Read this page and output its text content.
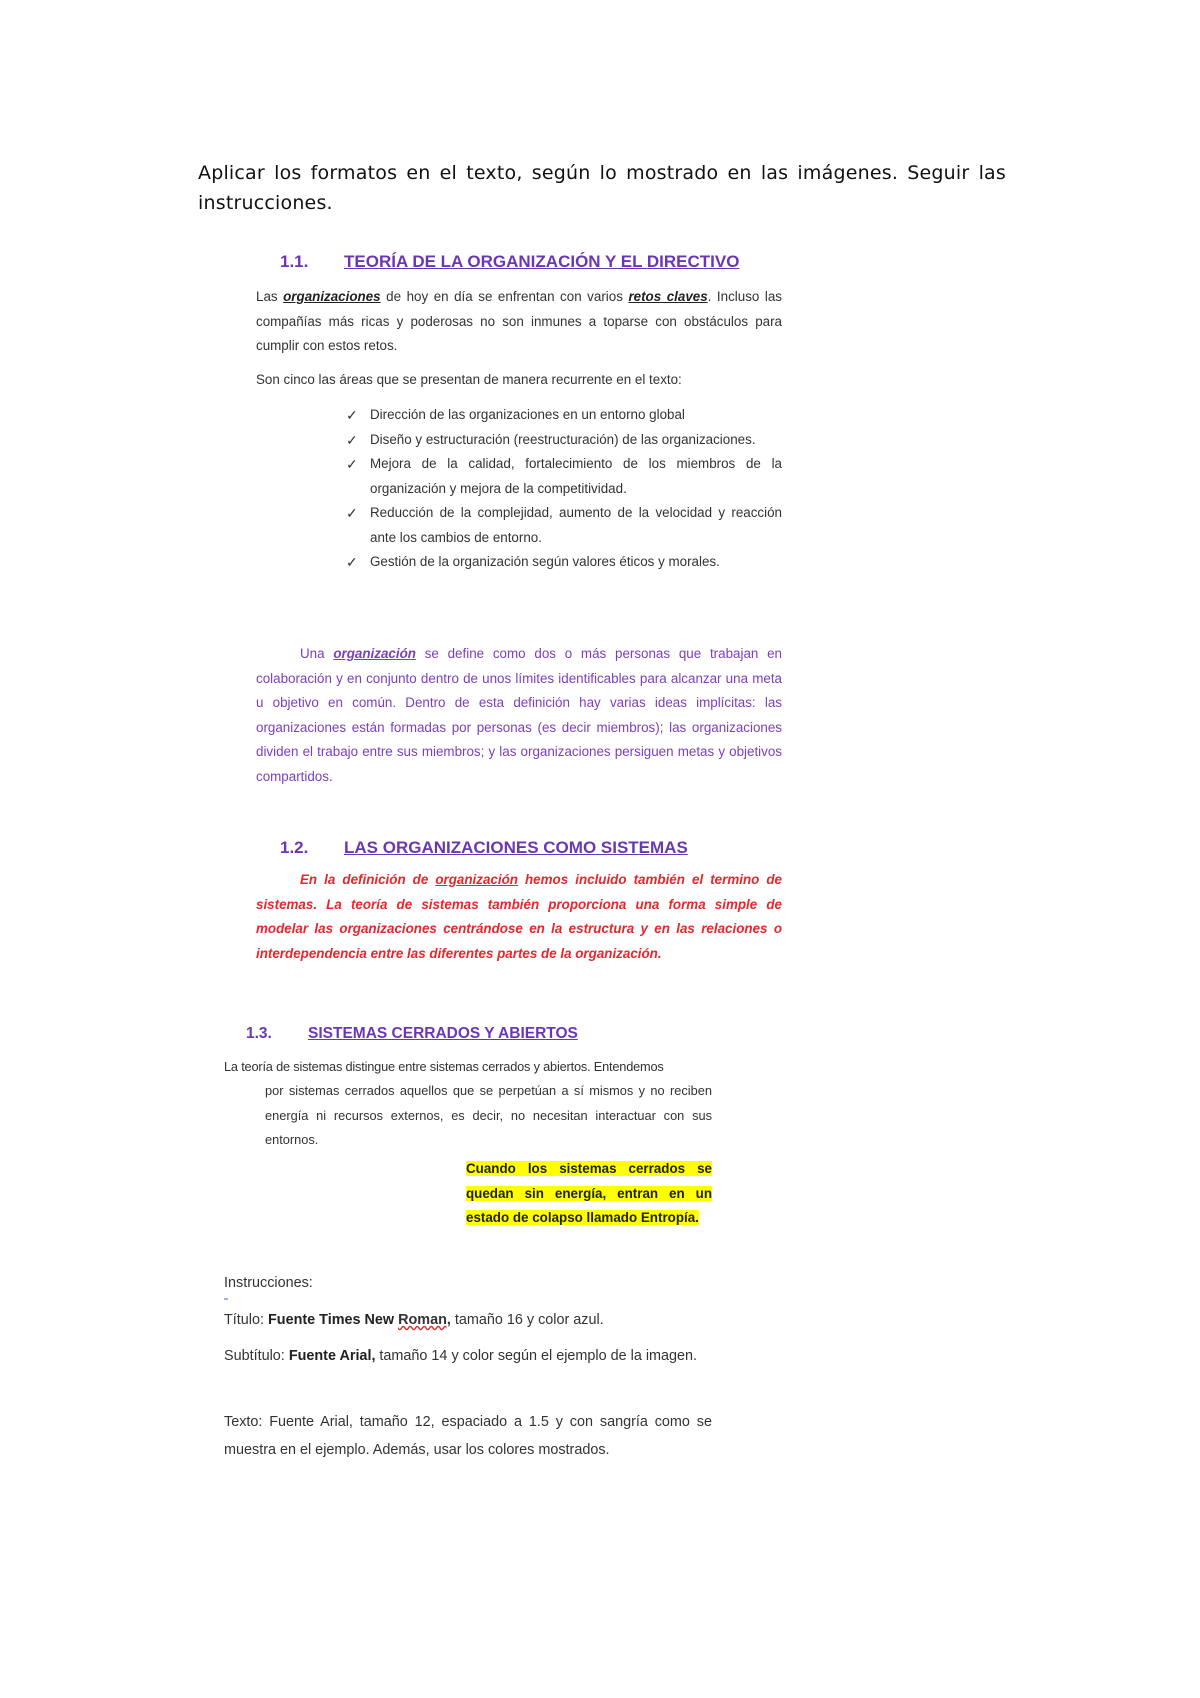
Aplicar los formatos en el texto, según lo mostrado en las imágenes. Seguir las instrucciones.
1.1. TEORÍA DE LA ORGANIZACIÓN Y EL DIRECTIVO
Las organizaciones de hoy en día se enfrentan con varios retos claves. Incluso las compañías más ricas y poderosas no son inmunes a toparse con obstáculos para cumplir con estos retos.
Son cinco las áreas que se presentan de manera recurrente en el texto:
✓ Dirección de las organizaciones en un entorno global
✓ Diseño y estructuración (reestructuración) de las organizaciones.
✓ Mejora de la calidad, fortalecimiento de los miembros de la organización y mejora de la competitividad.
✓ Reducción de la complejidad, aumento de la velocidad y reacción ante los cambios de entorno.
✓ Gestión de la organización según valores éticos y morales.
Una organización se define como dos o más personas que trabajan en colaboración y en conjunto dentro de unos límites identificables para alcanzar una meta u objetivo en común. Dentro de esta definición hay varias ideas implícitas: las organizaciones están formadas por personas (es decir miembros); las organizaciones dividen el trabajo entre sus miembros; y las organizaciones persiguen metas y objetivos compartidos.
1.2. LAS ORGANIZACIONES COMO SISTEMAS
En la definición de organización hemos incluido también el termino de sistemas. La teoría de sistemas también proporciona una forma simple de modelar las organizaciones centrándose en la estructura y en las relaciones o interdependencia entre las diferentes partes de la organización.
1.3. SISTEMAS CERRADOS Y ABIERTOS
La teoría de sistemas distingue entre sistemas cerrados y abiertos. Entendemos
por sistemas cerrados aquellos que se perpetúan a sí mismos y no reciben energía ni recursos externos, es decir, no necesitan interactuar con sus entornos.
Cuando los sistemas cerrados se quedan sin energía, entran en un estado de colapso llamado Entropía.
Instrucciones:
Título: Fuente Times New Roman, tamaño 16 y color azul.
Subtítulo: Fuente Arial, tamaño 14 y color según el ejemplo de la imagen.
Texto: Fuente Arial, tamaño 12, espaciado a 1.5 y con sangría como se muestra en el ejemplo. Además, usar los colores mostrados.
